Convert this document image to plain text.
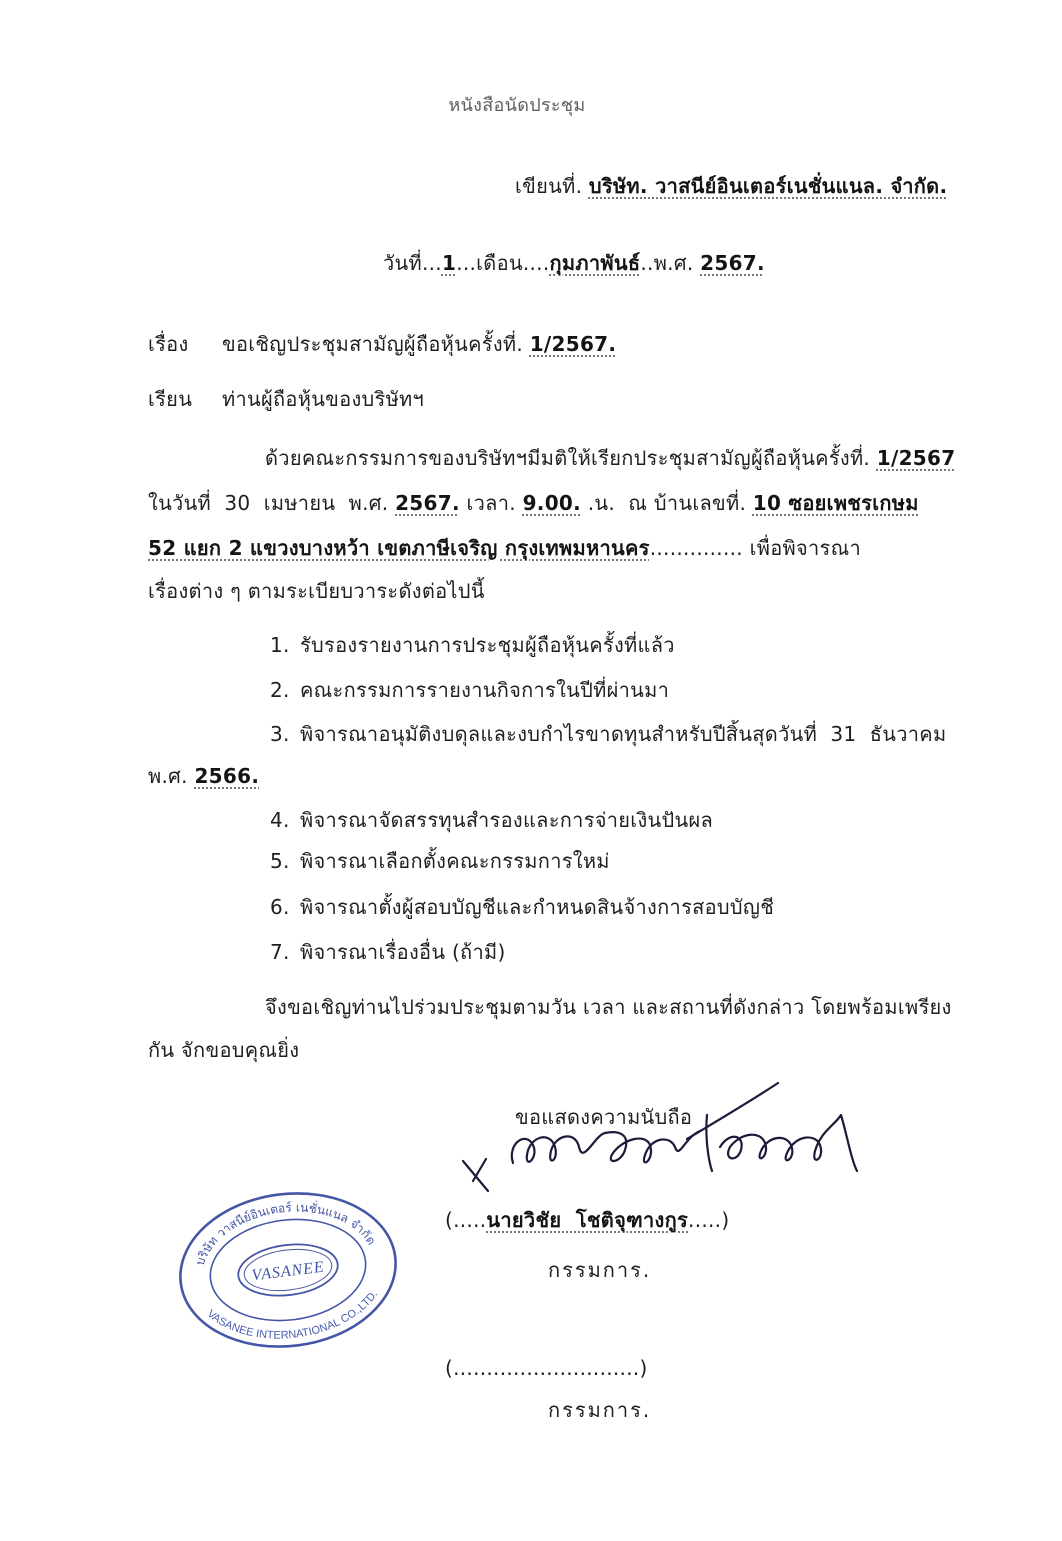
หนังสือนัดประชุม
เขียนที่. บริษัท. วาสนีย์อินเตอร์เนชั่นแนล. จำกัด.
วันที่...1...เดือน....กุมภาพันธ์..พ.ศ. 2567.
เรื่อง	ขอเชิญประชุมสามัญผู้ถือหุ้นครั้งที่. 1/2567.
เรียน	ท่านผู้ถือหุ้นของบริษัทฯ
ด้วยคณะกรรมการของบริษัทฯมีมติให้เรียกประชุมสามัญผู้ถือหุ้นครั้งที่. 1/2567
ในวันที่  30  เมษายน  พ.ศ. 2567. เวลา. 9.00. .น.  ณ บ้านเลขที่. 10 ซอยเพชรเกษม
52 แยก 2 แขวงบางหว้า เขตภาษีเจริญ กรุงเทพมหานคร.............. เพื่อพิจารณา
เรื่องต่าง ๆ ตามระเบียบวาระดังต่อไปนี้
1. รับรองรายงานการประชุมผู้ถือหุ้นครั้งที่แล้ว
2. คณะกรรมการรายงานกิจการในปีที่ผ่านมา
3. พิจารณาอนุมัติงบดุลและงบกำไรขาดทุนสำหรับปีสิ้นสุดวันที่  31  ธันวาคม
พ.ศ. 2566.
4. พิจารณาจัดสรรทุนสำรองและการจ่ายเงินปันผล
5. พิจารณาเลือกตั้งคณะกรรมการใหม่
6. พิจารณาตั้งผู้สอบบัญชีและกำหนดสินจ้างการสอบบัญชี
7. พิจารณาเรื่องอื่น (ถ้ามี)
จึงขอเชิญท่านไปร่วมประชุมตามวัน เวลา และสถานที่ดังกล่าว โดยพร้อมเพรียง
กัน จักขอบคุณยิ่ง
ขอแสดงความนับถือ
(.....นายวิชัย  โชติจุฑางกูร.....)
กรรมการ.
บริษัท วาสนีย์อินเตอร์ เนชั่นแนล จำกัด
VASANEE INTERNATIONAL CO.,LTD.
VASANEE
(............................)
กรรมการ.
